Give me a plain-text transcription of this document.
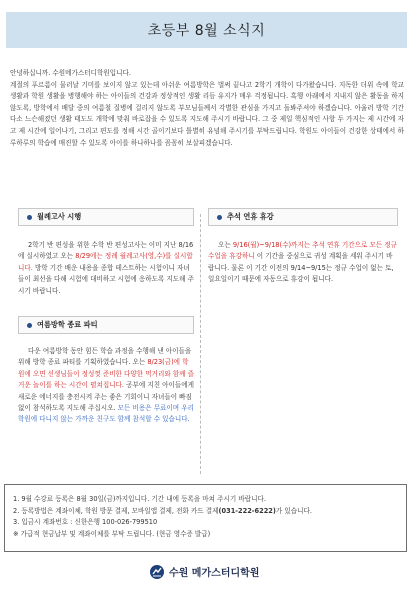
초등부 8월 소식지

안녕하십니까. 수원메가스터디학원입니다.

계절의 푸르름이 물러날 기미를 보이지 않고 있는데 아쉬운 여름방학은 벌써 끝나고 2학기 개학이 다가왔습니다. 지독한 더위 속에 학교 생활과 학원 생활을 병행해야 하는 아이들의 건강과 정상적인 생활 리듬 유지가 매우 걱정됩니다. 혹행 아래에서 지내지 않은 활동을 하지 않도록, 방학에서 배달 중의 여름철 질병에 걸리지 않도록 부모님들께서 각별한 관심을 가지고 돌봐주셔야 하겠습니다. 아울러 방학 기간 다소 느슨해졌던 생활 태도도 개학에 맞춰 바로잡을 수 있도록 지도해 주시기 바랍니다. 그 중 제일 핵심적인 사항 두 가지는 제 시간에 자고 제 시간에 일어나기, 그리고 편도를 정해 시간 골이기보다 틀별히 유념해 주시기를 부탁드립니다. 학원도 아이들이 건강한 상태에서 하루하루의 학습에 매진할 수 있도록 아이를 하나하나를 꼼꼼히 보살피겠습니다.

월례고사 시행

2학기 반 편성을 위한 수학 반 편성고사는 이미 지난 8/16에 실시하였고 오는 8/29에는 정례 월례고사(영,수)를 실시합니다. 방학 기간 배운 내용을 종합 테스트하는 시험이니 자녀들이 최선을 다해 시험에 대비하고 시험에 응하도록 지도해 주시기 바랍니다.

추석 연휴 휴강

오는 9/16(월)~9/18(수)까지는 추석 연휴 기간으로 모든 정규 수업을 휴강하니 이 기간을 중심으로 귀성 계획을 세워 주시기 바랍니다. 물론 이 기간 이전의 9/14~9/15는 정규 수업이 없는 토, 일요일이기 때문에 자동으로 휴강이 됩니다.

여름방학 종료 파티

다운 여름방학 동안 힘든 학습 과정을 수행해 낸 아이들을 위해 방학 종료 파티를 기획하였습니다. 오는 8/23(금)에 학원에 오면 선생님들이 정성껏 준비한 다양한 먹거리와 함께 즐거운 놀이를 하는 시간이 펼쳐집니다. 공부에 지친 아이들에게 새로운 에너지를 충전시켜 주는 좋은 기회이니 자녀들이 빠짐없이 참석하도록 지도해 주십시오. 모든 비용은 무료이며 우리 학원에 다니지 않는 가까운 친구도 함께 참석할 수 있습니다.

1. 9월 수강료 등록은 8월 30일(금)까지입니다. 기간 내에 등록을 마쳐 주시기 바랍니다.
2. 등록방법은 계좌이체, 학원 방문 결제, 모바일앱 결제, 전화 카드 결제(031-222-6222)가 있습니다.
3. 입금시 계좌번호 : 신한은행 100-026-799510
※ 가급적 현금납부 및 계좌이체를 부탁 드립니다. (현금 영수증 발급)
수원 메가스터디학원
